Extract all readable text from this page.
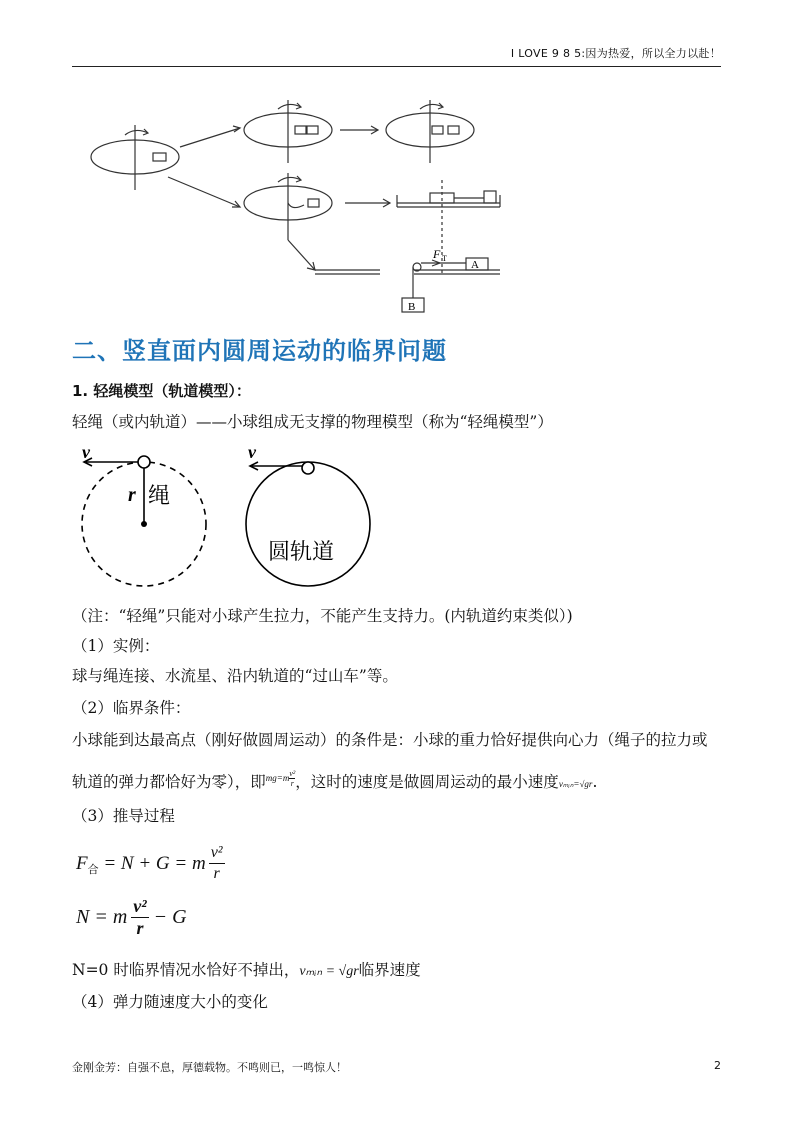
I LOVE 9 8 5:因为热爱，所以全力以赴！
F T
A
B
二、竖直面内圆周运动的临界问题
1. 轻绳模型（轨道模型）：
轻绳（或内轨道）——小球组成无支撑的物理模型（称为“轻绳模型”）
v
r 绳
v
圆轨道
（注：“轻绳”只能对小球产生拉力，不能产生支持力。(内轨道约束类似）)
（1）实例：
球与绳连接、水流星、沿内轨道的“过山车”等。
（2）临界条件：
小球能到达最高点（刚好做圆周运动）的条件是：小球的重力恰好提供向心力（绳子的拉力或
轨道的弹力都恰好为零），即$^{mg=m \frac{\text{v²}}{r}}$ ，这时的速度是做圆周运动的最小速度vₘᵢₙ=√gr.
（3）推导过程
F 合 = N + G = m v²
r
N = m v²
r − G
N=0 时临界情况水恰好不掉出，vₘᵢₙ = √gr临界速度
（4）弹力随速度大小的变化
金刚金芳：自强不息，厚德载物。不鸣则已，一鸣惊人！	2
